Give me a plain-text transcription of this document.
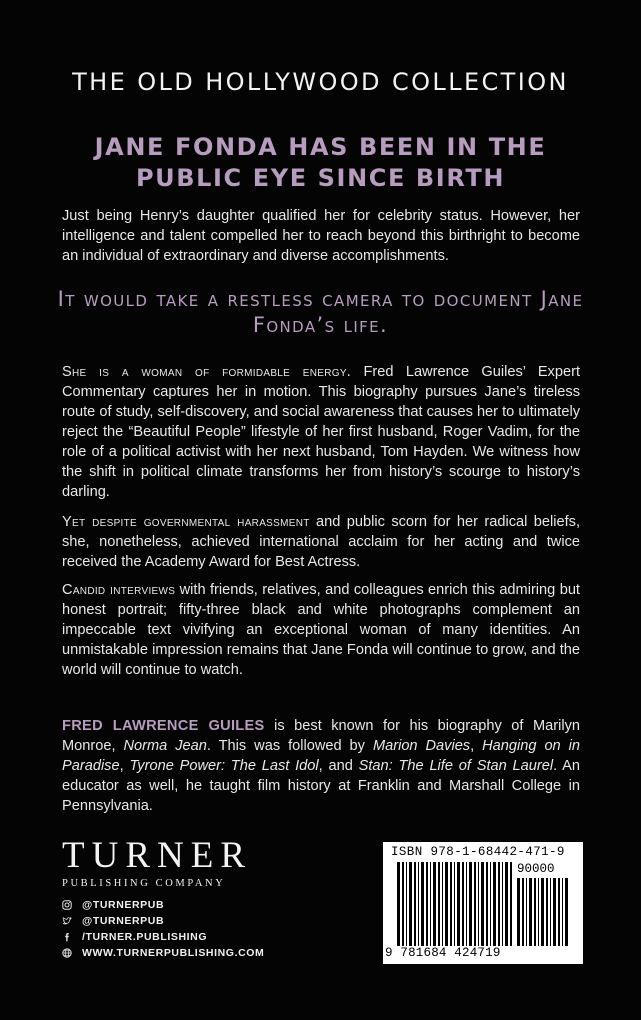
THE OLD HOLLYWOOD COLLECTION
JANE FONDA HAS BEEN IN THE PUBLIC EYE SINCE BIRTH
Just being Henry’s daughter qualified her for celebrity status. However, her intelligence and talent compelled her to reach beyond this birthright to become an individual of extraordinary and diverse accomplishments.
It would take a restless camera to document Jane Fonda’s life.
She is a woman of formidable energy. Fred Lawrence Guiles’ Expert Commentary captures her in motion. This biography pursues Jane’s tireless route of study, self-discovery, and social awareness that causes her to ultimately reject the “Beautiful People” lifestyle of her first husband, Roger Vadim, for the role of a political activist with her next husband, Tom Hayden. We witness how the shift in political climate transforms her from history’s scourge to history’s darling.
Yet despite governmental harassment and public scorn for her radical beliefs, she, nonetheless, achieved international acclaim for her acting and twice received the Academy Award for Best Actress.
Candid interviews with friends, relatives, and colleagues enrich this admiring but honest portrait; fifty-three black and white photographs complement an impeccable text vivifying an exceptional woman of many identities. An unmistakable impression remains that Jane Fonda will continue to grow, and the world will continue to watch.
FRED LAWRENCE GUILES is best known for his biography of Marilyn Monroe, Norma Jean. This was followed by Marion Davies, Hanging on in Paradise, Tyrone Power: The Last Idol, and Stan: The Life of Stan Laurel. An educator as well, he taught film history at Franklin and Marshall College in Pennsylvania.
TURNER
PUBLISHING COMPANY
@TURNERPUB
@TURNERPUB
/TURNER.PUBLISHING
WWW.TURNERPUBLISHING.COM
ISBN 978-1-68442-471-9
90000
9 781684 424719
